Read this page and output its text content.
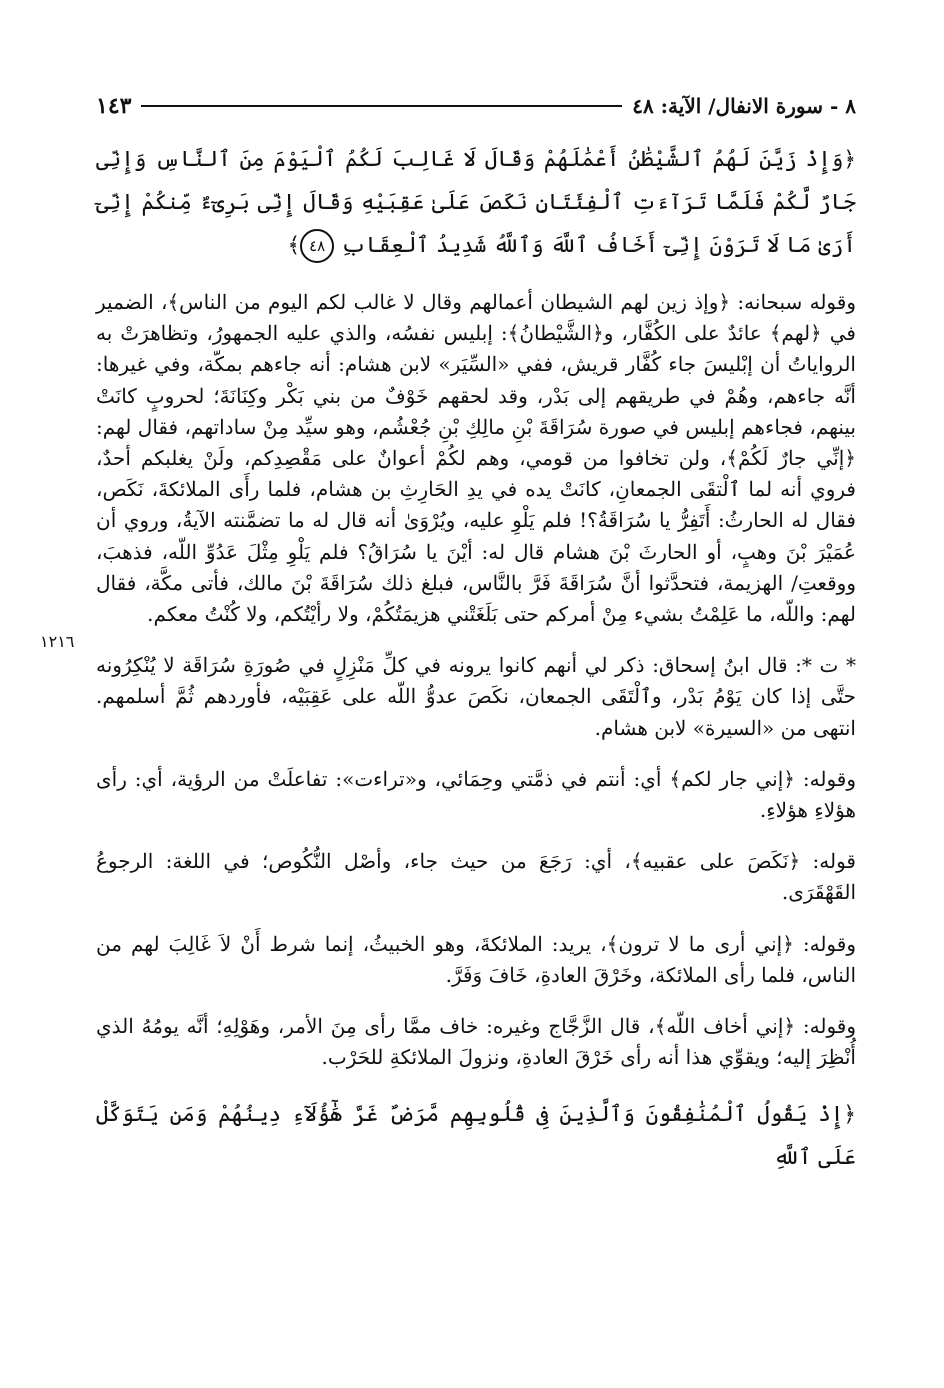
٨ - سورة الانفال/ الآية: ٤٨
١٤٣
﴿وَإِذْ زَيَّنَ لَهُمُ ٱلشَّيْطَٰنُ أَعْمَٰلَهُمْ وَقَالَ لَا غَالِبَ لَكُمُ ٱلْيَوْمَ مِنَ ٱلنَّاسِ وَإِنِّى جَارٌ لَّكُمْ فَلَمَّا تَرَآءَتِ ٱلْفِئَتَانِ نَكَصَ عَلَىٰ عَقِبَيْهِ وَقَالَ إِنِّى بَرِىٓءٌ مِّنكُمْ إِنِّىٓ أَرَىٰ مَا لَا تَرَوْنَ إِنِّىٓ أَخَافُ ٱللَّهَ وَٱللَّهُ شَدِيدُ ٱلْعِقَابِ ٤٨﴾

وقوله سبحانه: ﴿وإذ زين لهم الشيطان أعمالهم وقال لا غالب لكم اليوم من الناس﴾، الضمير في ﴿لهم﴾ عائدٌ على الكُفَّار، و﴿الشَّيْطانُ﴾: إبليس نفسُه، والذي عليه الجمهورُ، وتظاهرَتْ به الرواياتُ أن إبْليسَ جاء كُفَّار قريش، ففي «السِّيَر» لابن هشام: أنه جاءهم بمكّة، وفي غيرها: أنَّه جاءهم، وهُمْ في طريقهم إلى بَدْر، وقد لحقهم خَوْفٌ من بني بَكْر وكِنَانَةَ؛ لحروبٍ كانَتْ بينهم، فجاءهم إبليس في صورة سُرَاقَةَ بْنِ مالِكِ بْنِ جُعْشُم، وهو سيِّد مِنْ ساداتهم، فقال لهم: ﴿إنِّي جارٌ لَكُمْ﴾، ولن تخافوا من قومي، وهم لكُمْ أعوانٌ على مَقْصِدِكم، ولَنْ يغلبكم أحدٌ، فروي أنه لما ٱلْتقَى الجمعانِ، كانَتْ يده في يدِ الحَارِثِ بن هشام، فلما رأَى الملائكةَ، نَكَص، فقال له الحارثُ: أَتَفِرُّ يا سُرَاقَةُ؟! فلم يَلْوِ عليه، ويُرْوَىٰ أنه قال له ما تضمَّنته الآيةُ، وروي أن عُمَيْرَ بْنَ وهبٍ، أو الحارثَ بْنَ هشام قال له: أيْنَ يا سُرَاقُ؟ فلم يَلْوِ مِثْلَ عَدُوِّ اللّه، فذهبَ، ووقعتِ/ الهزيمة، فتحدَّثوا أنَّ سُرَاقَةَ فَرَّ بالنَّاس، فبلغ ذلك سُرَاقَةَ بْنَ مالك، فأتى مكَّة، فقال لهم: واللّه، ما عَلِمْتُ بشيء مِنْ أمركم حتى بَلَغَتْني هزيمَتُكُمْ، ولا رأيْتُكم، ولا كُنْتُ معكم.

* ت *: قال ابنُ إسحاق: ذكر لي أنهم كانوا يرونه في كلِّ مَنْزِلٍ في صُورَةِ سُرَاقَة لا يُنْكِرُونه حتَّى إذا كان يَوْمُ بَدْر، وٱلْتَقَى الجمعان، نكَصَ عدوُّ اللّه على عَقِبَيْه، فأوردهم ثُمَّ أسلمهم. انتهى من «السيرة» لابن هشام.

وقوله: ﴿إني جار لكم﴾ أي: أنتم في ذمَّتي وحِمَائي، و«تراءت»: تفاعلَتْ من الرؤية، أي: رأى هؤلاءِ هؤلاءِ.

قوله: ﴿نَكَصَ على عقبيه﴾، أي: رَجَعَ من حيث جاء، وأصْل النُّكُوص؛ في اللغة: الرجوعُ القَهْقَرَى.

وقوله: ﴿إني أرى ما لا ترون﴾، يريد: الملائكةَ، وهو الخبيثُ، إنما شرط أَنْ لاَ غَالِبَ لهم من الناس، فلما رأى الملائكة، وخَرْقَ العادةِ، خَافَ وَفَرَّ.

وقوله: ﴿إني أخاف اللّه﴾، قال الزَّجَّاج وغيره: خاف ممَّا رأى مِنَ الأمر، وهَوْلِهِ؛ أنَّه يومُهُ الذي أُنْظِرَ إليه؛ ويقوِّي هذا أنه رأى خَرْقَ العادةِ، ونزولَ الملائكةِ للحَرْب.

﴿إِذْ يَقُولُ ٱلْمُنَٰفِقُونَ وَٱلَّذِينَ فِى قُلُوبِهِم مَّرَضٌ غَرَّ هَٰٓؤُلَآءِ دِينُهُمْ وَمَن يَتَوَكَّلْ عَلَى ٱللَّهِ
١٢١٦
